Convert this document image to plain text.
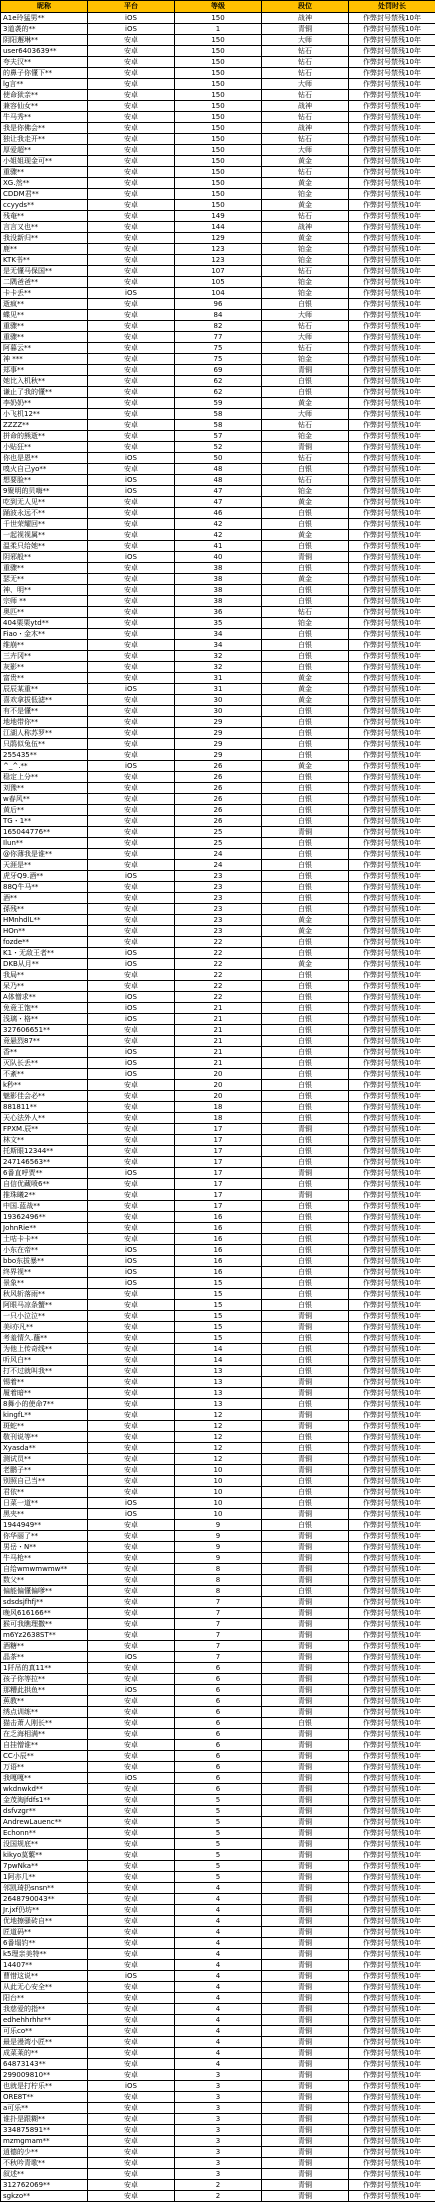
昵称	平台	等级	段位	处罚时长
A1e玲猛男**	iOS	150	战神	作弊封号禁残10年
3道袭的**	iOS	1	青铜	作弊封号禁残10年
阴阳邂琳**	安卓	150	大师	作弊封号禁残10年
user6403639**	安卓	150	钻石	作弊封号禁残10年
夸夫汉**	安卓	150	钻石	作弊封号禁残10年
的鼻子你懂下**	安卓	150	钻石	作弊封号禁残10年
lg言**	安卓	150	大师	作弊封号禁残10年
使命狱亲**	安卓	150	钻石	作弊封号禁残10年
兼容仙女**	安卓	150	战神	作弊封号禁残10年
牛马秀**	安卓	150	钻石	作弊封号禁残10年
我是你佛会**	安卓	150	战神	作弊封号禁残10年
独让我走开**	安卓	150	钻石	作弊封号禁残10年
厚爱超**	安卓	150	大师	作弊封号禁残10年
小姐姐现金可**	安卓	150	黄金	作弊封号禁残10年
重骤**	安卓	150	钻石	作弊封号禁残10年
XG.然**	安卓	150	黄金	作弊封号禁残10年
CDDM君**	安卓	150	铂金	作弊封号禁残10年
ccyyds**	安卓	150	黄金	作弊封号禁残10年
残奄**	安卓	149	钻石	作弊封号禁残10年
言言又也**	安卓	144	战神	作弊封号禁残10年
我没新归**	安卓	129	黄金	作弊封号禁残10年
鹿**	安卓	123	铂金	作弊封号禁残10年
KTK书**	安卓	123	铂金	作弊封号禁残10年
是无懂马保国**	安卓	107	钻石	作弊封号禁残10年
二隅爸爸**	安卓	105	铂金	作弊封号禁残10年
卡卡丢**	iOS	104	铂金	作弊封号禁残10年
逝疯**	安卓	96	白银	作弊封号禁残10年
蝶见**	安卓	84	大师	作弊封号禁残10年
重骤**	安卓	82	钻石	作弊封号禁残10年
重骤**	安卓	77	大师	作弊封号禁残10年
阿暮云**	安卓	75	钻石	作弊封号禁残10年
神 ***	安卓	75	铂金	作弊封号禁残10年
郑事**	安卓	69	青铜	作弊封号禁残10年
她比入机秋**	安卓	62	白银	作弊封号禁残10年
谦止了我的懂**	安卓	62	白银	作弊封号禁残10年
李奶奶**	安卓	59	黄金	作弊封号禁残10年
小飞机12**	安卓	58	大师	作弊封号禁残10年
ZZZZ**	安卓	58	钻石	作弊封号禁残10年
拼命的熊逝**	安卓	57	铂金	作弊封号禁残10年
小贴狂**	安卓	52	青铜	作弊封号禁残10年
你也是恩**	iOS	50	钻石	作弊封号禁残10年
嗅火自己yo**	安卓	48	白银	作弊封号禁残10年
想要脸**	iOS	48	钻石	作弊封号禁残10年
9聚明的贝嗨**	iOS	47	铂金	作弊封号禁残10年
吃到无人见**	安卓	47	黄金	作弊封号禁残10年
踊波永远不**	安卓	46	白银	作弊封号禁残10年
千世荣耀回**	安卓	42	白银	作弊封号禁残10年
一起视视属**	安卓	42	黄金	作弊封号禁残10年
温柔只给她**	安卓	41	白银	作弊封号禁残10年
阴邪般**	iOS	40	青铜	作弊封号禁残10年
重骤**	安卓	38	白银	作弊封号禁残10年
瑟无**	安卓	38	黄金	作弊封号禁残10年
神、明**	安卓	38	白银	作弊封号禁残10年
宗师 **	安卓	38	白银	作弊封号禁残10年
奥匹**	安卓	36	钻石	作弊封号禁残10年
404栗栗ytd**	安卓	35	铂金	作弊封号禁残10年
Fiao・金木**	安卓	34	白银	作弊封号禁残10年
维崩**	安卓	34	白银	作弊封号禁残10年
三卉冈**	安卓	32	白银	作弊封号禁残10年
灰影**	安卓	32	白银	作弊封号禁残10年
富贵**	安卓	31	黄金	作弊封号禁残10年
辰辰某重**	iOS	31	黄金	作弊封号禁残10年
喜欢拿拔低滤**	安卓	30	黄金	作弊封号禁残10年
有不是懂**	安卓	30	白银	作弊封号禁残10年
地地带你**	安卓	29	白银	作弊封号禁残10年
江湖人称苏罗**	安卓	29	白银	作弊封号禁残10年
只鹃似兔伍**	安卓	29	白银	作弊封号禁残10年
255435**	安卓	29	白银	作弊封号禁残10年
^_^.**	iOS	26	黄金	作弊封号禁残10年
稳定上分**	安卓	26	白银	作弊封号禁残10年
刘豫**	安卓	26	白银	作弊封号禁残10年
w春风**	安卓	26	白银	作弊封号禁残10年
黄后**	安卓	26	白银	作弊封号禁残10年
TG・1**	安卓	26	白银	作弊封号禁残10年
165044776**	安卓	25	青铜	作弊封号禁残10年
Ilun**	安卓	25	白银	作弊封号禁残10年
@你薄我是谁**	安卓	24	白银	作弊封号禁残10年
天涯是**	安卓	24	白银	作弊封号禁残10年
虎牙Q9.酒**	iOS	23	白银	作弊封号禁残10年
88Q牛马**	安卓	23	白银	作弊封号禁残10年
酒**	安卓	23	白银	作弊封号禁残10年
孫残**	安卓	23	白银	作弊封号禁残10年
HMnhdlL**	安卓	23	黄金	作弊封号禁残10年
HOn**	安卓	23	黄金	作弊封号禁残10年
fozde**	安卓	22	白银	作弊封号禁残10年
K1・无敌王者**	iOS	22	白银	作弊封号禁残10年
DKB从月**	iOS	22	黄金	作弊封号禁残10年
我局**	安卓	22	白银	作弊封号禁残10年
呆乃**	安卓	22	白银	作弊封号禁残10年
A体憎求**	iOS	22	白银	作弊封号禁残10年
免竟王饱**	iOS	21	白银	作弊封号禁残10年
浅璃・格**	iOS	21	白银	作弊封号禁残10年
327606651**	安卓	21	白银	作弊封号禁残10年
竟悬烈87**	安卓	21	白银	作弊封号禁残10年
香**	iOS	21	白银	作弊封号禁残10年
灭队长丢**	iOS	21	白银	作弊封号禁残10年
不紊**	iOS	20	白银	作弊封号禁残10年
k秒**	安卓	20	白银	作弊封号禁残10年
魅影佳会必**	安卓	20	白银	作弊封号禁残10年
881811**	安卓	18	白银	作弊封号禁残10年
天心法外人**	安卓	18	白银	作弊封号禁残10年
FPXM.辰**	安卓	17	青铜	作弊封号禁残10年
林文**	安卓	17	白银	作弊封号禁残10年
托斯眼12344**	安卓	17	白银	作弊封号禁残10年
247146563**	安卓	17	白银	作弊封号禁残10年
6番直呼贾**	iOS	17	青铜	作弊封号禁残10年
自信优藏喷6**	安卓	17	白银	作弊封号禁残10年
推珠曦2**	安卓	17	青铜	作弊封号禁残10年
中国.蓝战**	安卓	17	白银	作弊封号禁残10年
19362496**	安卓	16	白银	作弊封号禁残10年
JohnRie**	安卓	16	白银	作弊封号禁残10年
土咕卡卡**	安卓	16	白银	作弊封号禁残10年
小东在帝**	iOS	16	白银	作弊封号禁残10年
bbo东拔暴**	iOS	16	白银	作弊封号禁残10年
终界视**	iOS	16	白银	作弊封号禁残10年
景象**	iOS	15	白银	作弊封号禁残10年
秋风斩落雨**	安卓	15	白银	作弊封号禁残10年
阿眼马凉条蟹**	安卓	15	白银	作弊封号禁残10年
一只小泣泣**	安卓	15	青铜	作弊封号禁残10年
美i亦凡**	安卓	15	青铜	作弊封号禁残10年
考羞情久.蘸**	安卓	15	白银	作弊封号禁残10年
为他上传奇线**	安卓	14	白银	作弊封号禁残10年
听风白**	安卓	14	白银	作弊封号禁残10年
打不过就叫我**	安卓	13	白银	作弊封号禁残10年
锡着**	安卓	13	青铜	作弊封号禁残10年
履着暗**	安卓	13	青铜	作弊封号禁残10年
8舞小的使命7**	安卓	13	白银	作弊封号禁残10年
kingfL**	安卓	12	青铜	作弊封号禁残10年
斑蛇**	安卓	12	青铜	作弊封号禁残10年
敬刊说等**	安卓	12	白银	作弊封号禁残10年
Xyasda**	安卓	12	白银	作弊封号禁残10年
测试员**	安卓	12	青铜	作弊封号禁残10年
老鹏子**	安卓	10	青铜	作弊封号禁残10年
别照自己当**	安卓	10	白银	作弊封号禁残10年
君依**	安卓	10	白银	作弊封号禁残10年
日菜一道**	iOS	10	白银	作弊封号禁残10年
黑夹**	iOS	10	青铜	作弊封号禁残10年
1944949**	安卓	9	白银	作弊封号禁残10年
你华丽了**	安卓	9	青铜	作弊封号禁残10年
男岳・N**	安卓	9	青铜	作弊封号禁残10年
牛马枪**	安卓	9	青铜	作弊封号禁残10年
自给wmwmwmw**	安卓	8	青铜	作弊封号禁残10年
数父**	安卓	8	青铜	作弊封号禁残10年
偏能偏懂偏嗲**	安卓	8	白银	作弊封号禁残10年
sdsdsjfhfj**	安卓	7	青铜	作弊封号禁残10年
晚风616166**	安卓	7	青铜	作弊封号禁残10年
猴可我瞧理撒**	安卓	7	青铜	作弊封号禁残10年
m6Yz2638ST**	安卓	7	青铜	作弊封号禁残10年
酒糖**	安卓	7	青铜	作弊封号禁残10年
晶茶**	iOS	7	青铜	作弊封号禁残10年
1阡吊的真11**	安卓	6	青铜	作弊封号禁残10年
孩子你等拉**	安卓	6	青铜	作弊封号禁残10年
那糟此拱鱼**	iOS	6	青铜	作弊封号禁残10年
蕉教**	安卓	6	青铜	作弊封号禁残10年
绣点训练**	安卓	6	青铜	作弊封号禁残10年
猫击萧人刚长**	安卓	6	白银	作弊封号禁残10年
在乏海相满**	安卓	6	青铜	作弊封号禁残10年
自挂憎谁**	安卓	6	青铜	作弊封号禁残10年
CC小辰**	安卓	6	青铜	作弊封号禁残10年
万语**	安卓	6	青铜	作弊封号禁残10年
我嘎嘎**	iOS	6	青铜	作弊封号禁残10年
wkdnwkd**	安卓	6	青铜	作弊封号禁残10年
金茂淘jfdfs1**	安卓	5	青铜	作弊封号禁残10年
dsfvzgr**	安卓	5	青铜	作弊封号禁残10年
AndrewLauenc**	安卓	5	青铜	作弊封号禁残10年
Echonn**	安卓	5	青铜	作弊封号禁残10年
没国规底**	安卓	5	青铜	作弊封号禁残10年
kikyo莫蘩**	安卓	5	青铜	作弊封号禁残10年
7pwNka**	安卓	5	青铜	作弊封号禁残10年
1阿亦几**	安卓	5	青铜	作弊封号禁残10年
邻凯琦扔snsn**	安卓	4	青铜	作弊封号禁残10年
2648790043**	安卓	4	青铜	作弊封号禁残10年
Jr.jxf仍坊**	安卓	4	青铜	作弊封号禁残10年
优地擦骚砖自**	安卓	4	青铜	作弊封号禁残10年
匠道码**	安卓	4	青铜	作弊封号禁残10年
6番塌钓**	安卓	4	青铜	作弊封号禁残10年
k5理亲美特**	安卓	4	青铜	作弊封号禁残10年
14407**	安卓	4	青铜	作弊封号禁残10年
曹惜这说**	iOS	4	青铜	作弊封号禁残10年
从此无心安全**	安卓	4	青铜	作弊封号禁残10年
阳台**	安卓	4	青铜	作弊封号禁残10年
我慈爱的指**	安卓	4	青铜	作弊封号禁残10年
edhehhrhhr**	安卓	4	青铜	作弊封号禁残10年
可乐co**	安卓	4	青铜	作弊封号禁残10年
最是漫湾小匠**	安卓	4	青铜	作弊封号禁残10年
成菜莱的**	安卓	4	青铜	作弊封号禁残10年
64873143**	安卓	4	青铜	作弊封号禁残10年
299009810**	安卓	3	青铜	作弊封号禁残10年
也就是打柠乐**	iOS	3	青铜	作弊封号禁残10年
ORE8T**	安卓	3	青铜	作弊封号禁残10年
a可乐**	安卓	3	青铜	作弊封号禁残10年
谁扑是跟糊**	安卓	3	青铜	作弊封号禁残10年
334875891**	安卓	3	青铜	作弊封号禁残10年
mzmgmam**	安卓	3	青铜	作弊封号禁残10年
逍德的少**	安卓	3	青铜	作弊封号禁残10年
不秋吟青歌**	安卓	3	青铜	作弊封号禁残10年
叙述**	安卓	3	青铜	作弊封号禁残10年
312762069**	安卓	2	青铜	作弊封号禁残10年
sgkzo**	安卓	2	青铜	作弊封号禁残10年
